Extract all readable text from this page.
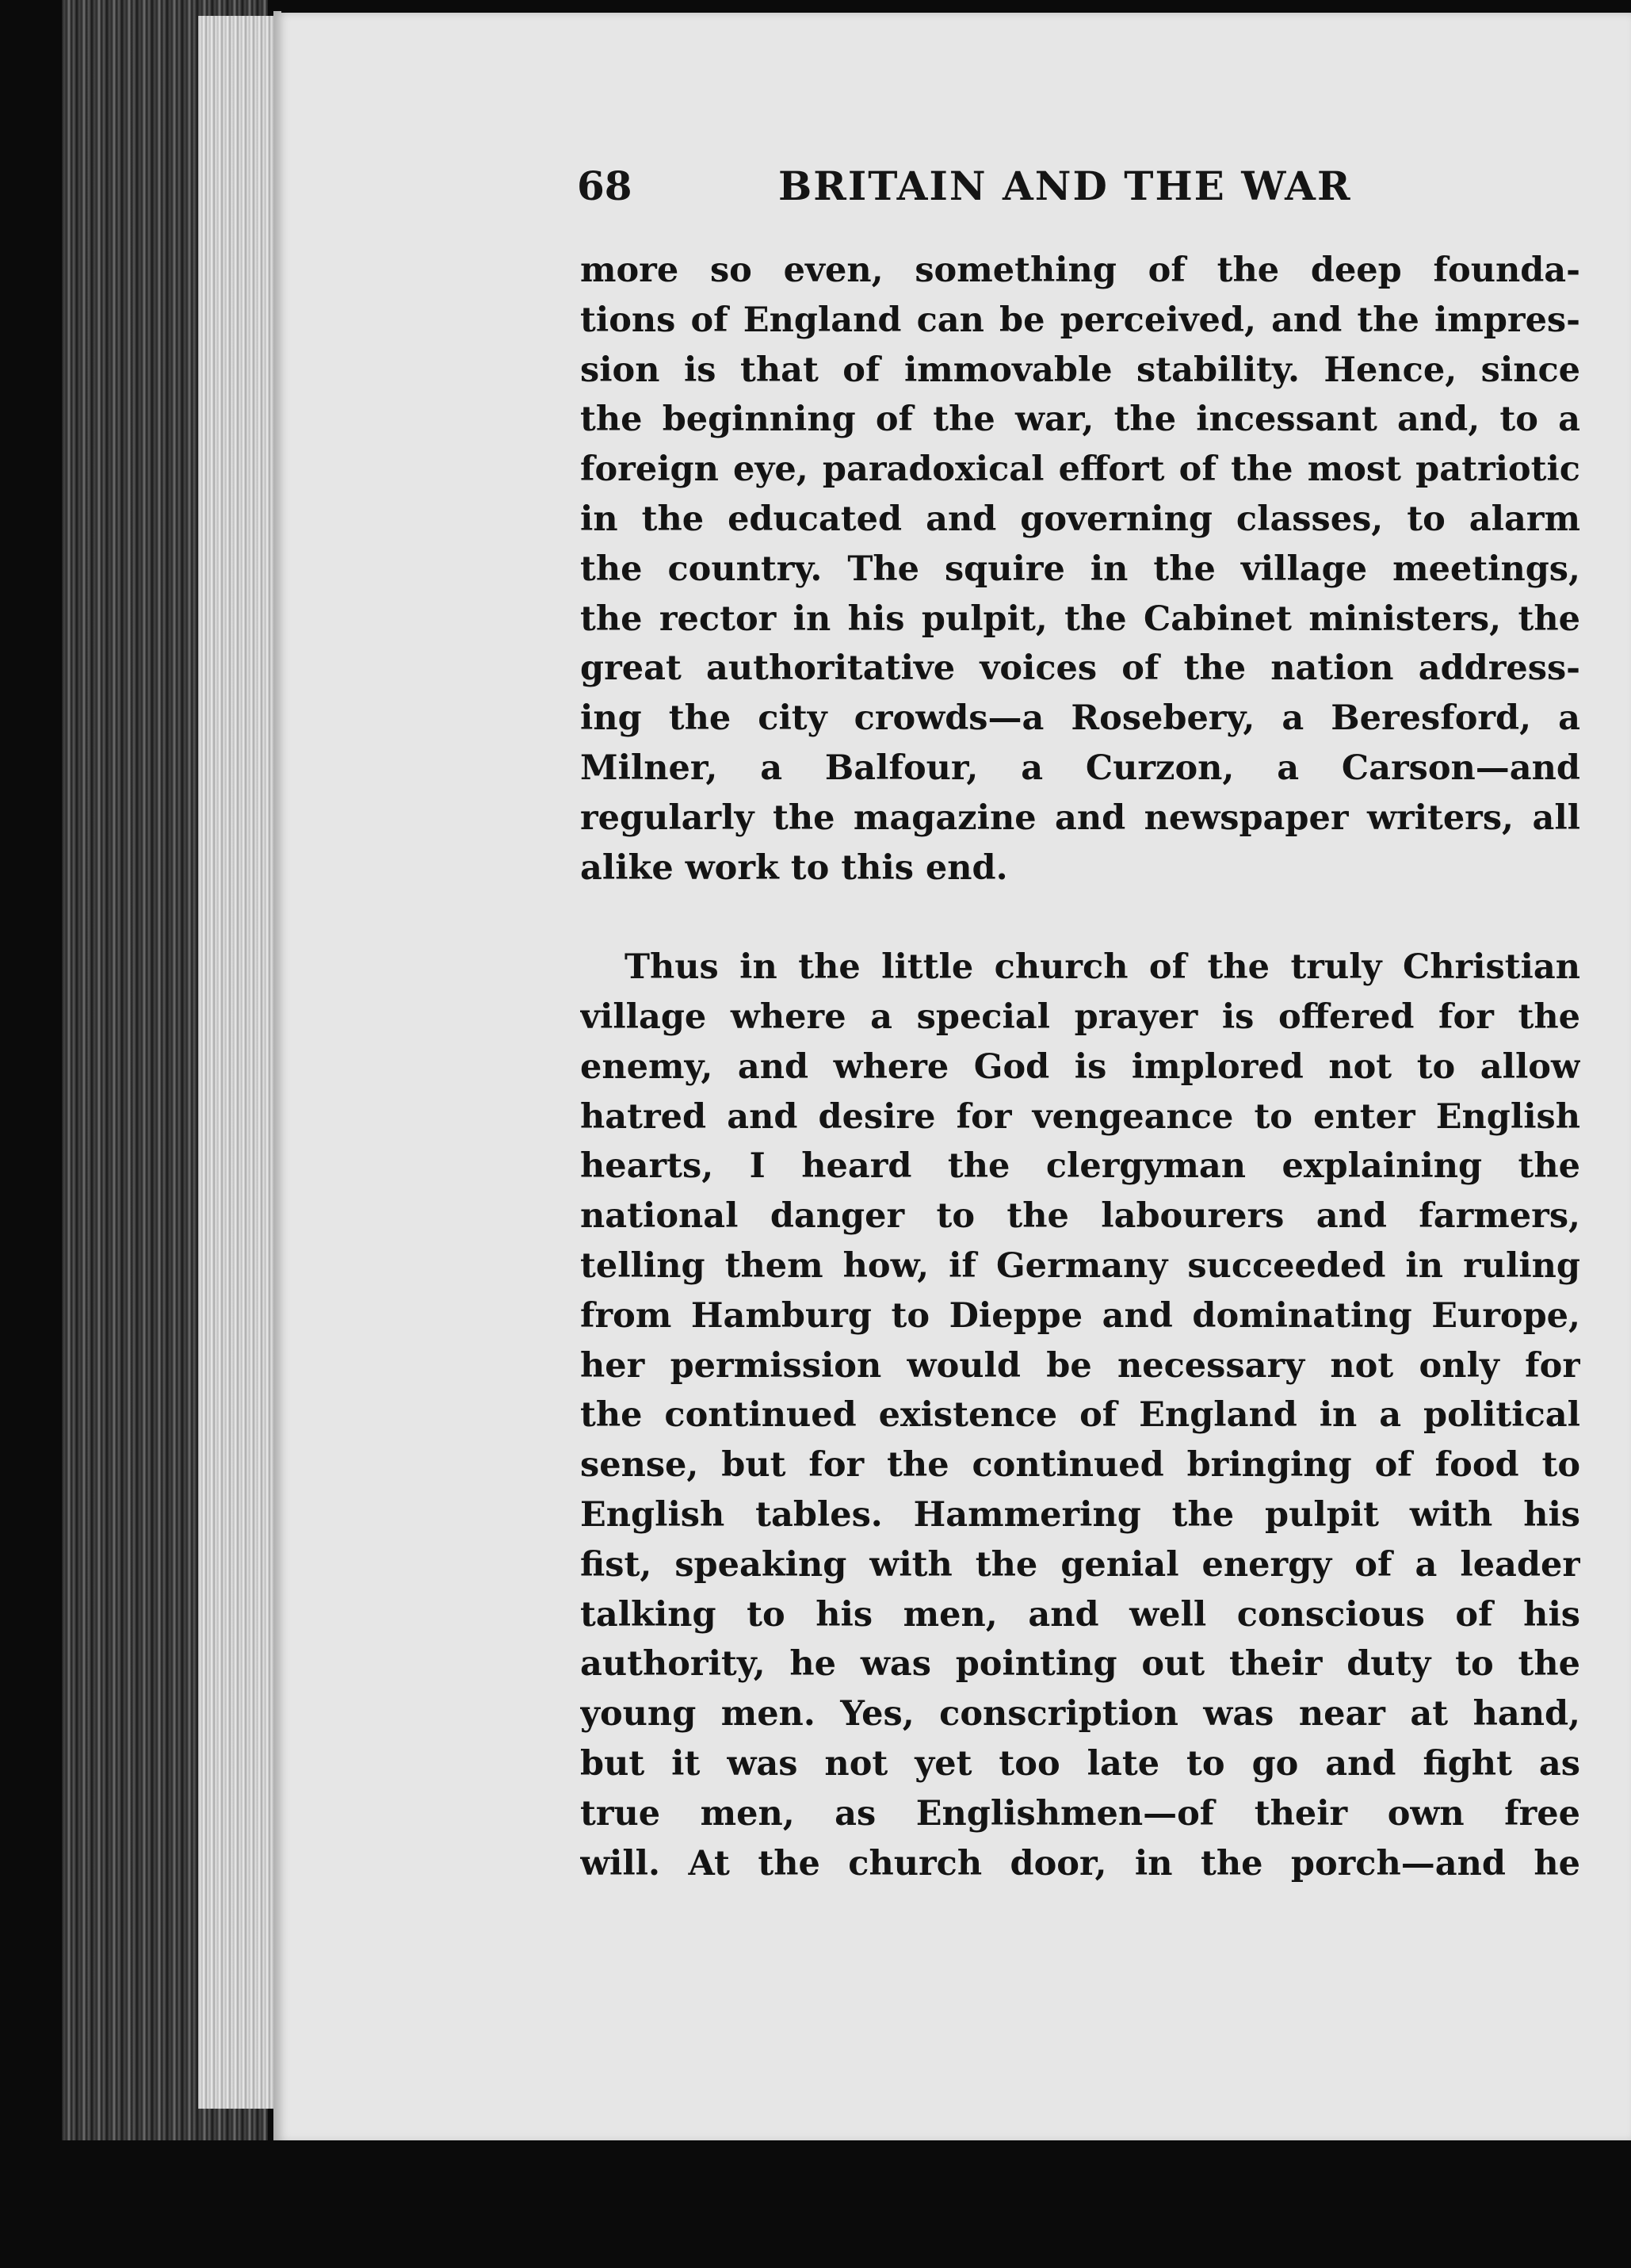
68	BRITAIN AND THE WAR
more so even, something of the deep founda-
tions of England can be perceived, and the impres-
sion is that of immovable stability. Hence, since
the beginning of the war, the incessant and, to a
foreign eye, paradoxical effort of the most patriotic
in the educated and governing classes, to alarm
the country. The squire in the village meetings,
the rector in his pulpit, the Cabinet ministers, the
great authoritative voices of the nation address-
ing the city crowds—a Rosebery, a Beresford, a
Milner, a Balfour, a Curzon, a Carson—and
regularly the magazine and newspaper writers, all
alike work to this end.
Thus in the little church of the truly Christian
village where a special prayer is offered for the
enemy, and where God is implored not to allow
hatred and desire for vengeance to enter English
hearts, I heard the clergyman explaining the
national danger to the labourers and farmers,
telling them how, if Germany succeeded in ruling
from Hamburg to Dieppe and dominating Europe,
her permission would be necessary not only for
the continued existence of England in a political
sense, but for the continued bringing of food to
English tables. Hammering the pulpit with his
fist, speaking with the genial energy of a leader
talking to his men, and well conscious of his
authority, he was pointing out their duty to the
young men. Yes, conscription was near at hand,
but it was not yet too late to go and fight as
true men, as Englishmen—of their own free
will. At the church door, in the porch—and he
